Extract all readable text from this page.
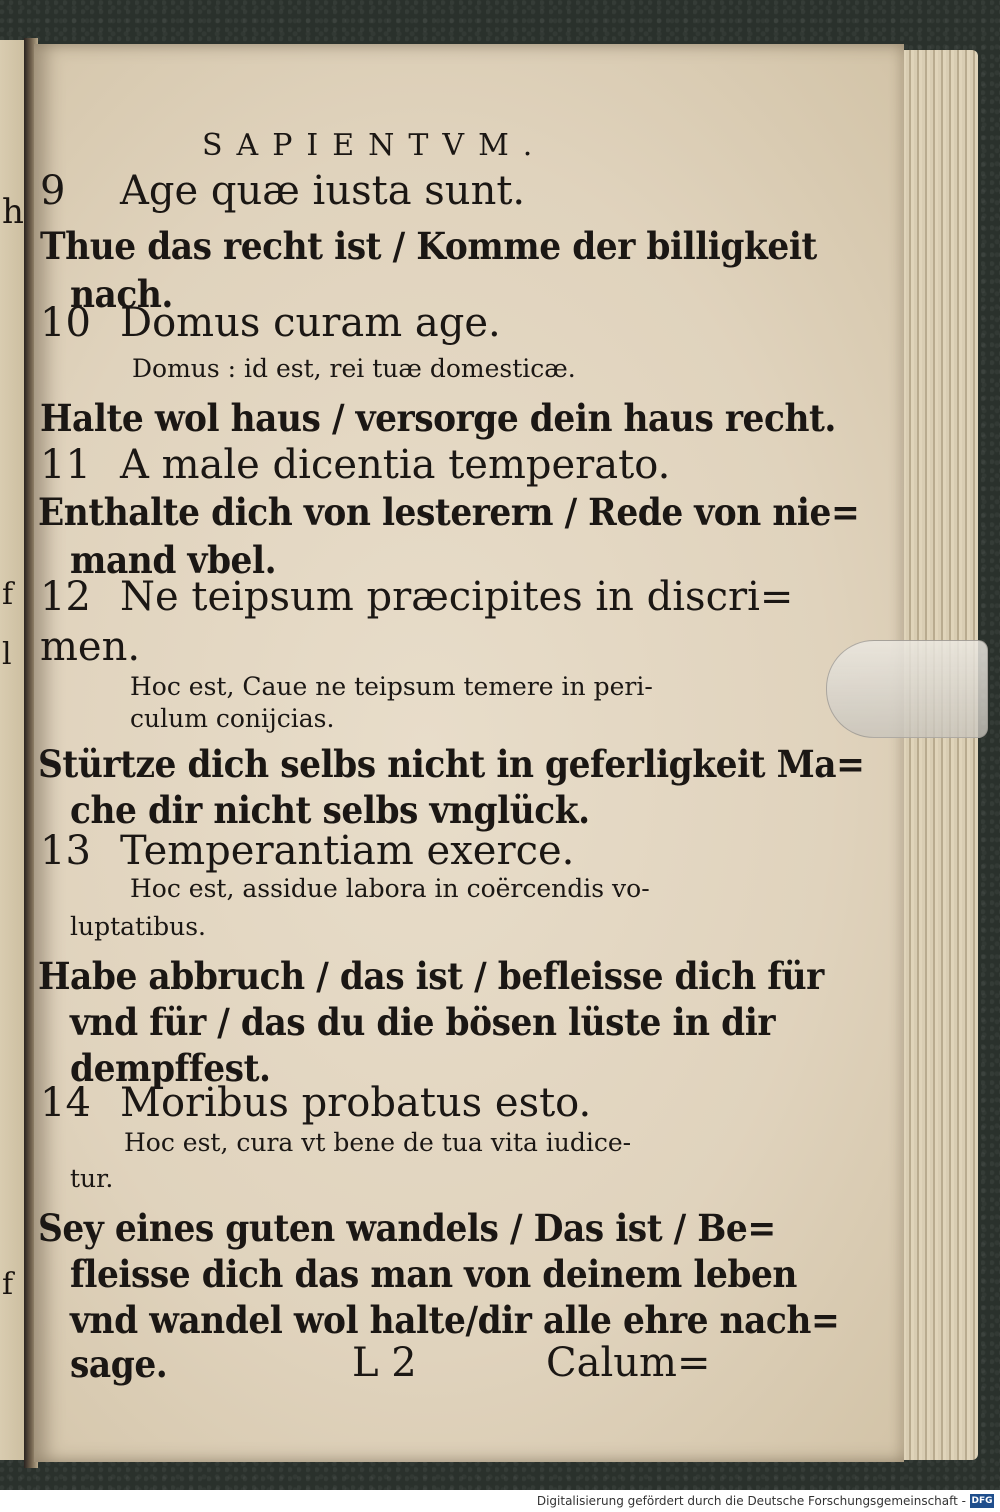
h
f
l
f
SAPIENTVM.
9 Age quæ iusta sunt.
Thue das recht ist / Komme der billigkeit
nach.
10 Domus curam age.
Domus : id est, rei tuæ domesticæ.
Halte wol haus / versorge dein haus recht.
11 A male dicentia temperato.
Enthalte dich von lesterern / Rede von nie=
mand vbel.
12 Ne teipsum præcipites in discri=
men.
Hoc est, Caue ne teipsum temere in peri-
culum conijcias.
Stürtze dich selbs nicht in geferligkeit Ma=
che dir nicht selbs vnglück.
13 Temperantiam exerce.
Hoc est, assidue labora in coërcendis vo-
luptatibus.
Habe abbruch / das ist / befleisse dich für
vnd für / das du die bösen lüste in dir
dempffest.
14 Moribus probatus esto.
Hoc est, cura vt bene de tua vita iudice-
tur.
Sey eines guten wandels / Das ist / Be=
fleisse dich das man von deinem leben
vnd wandel wol halte/dir alle ehre nach=
sage.	L 2	Calum=
Digitalisierung gefördert durch die Deutsche Forschungsgemeinschaft - DFG
